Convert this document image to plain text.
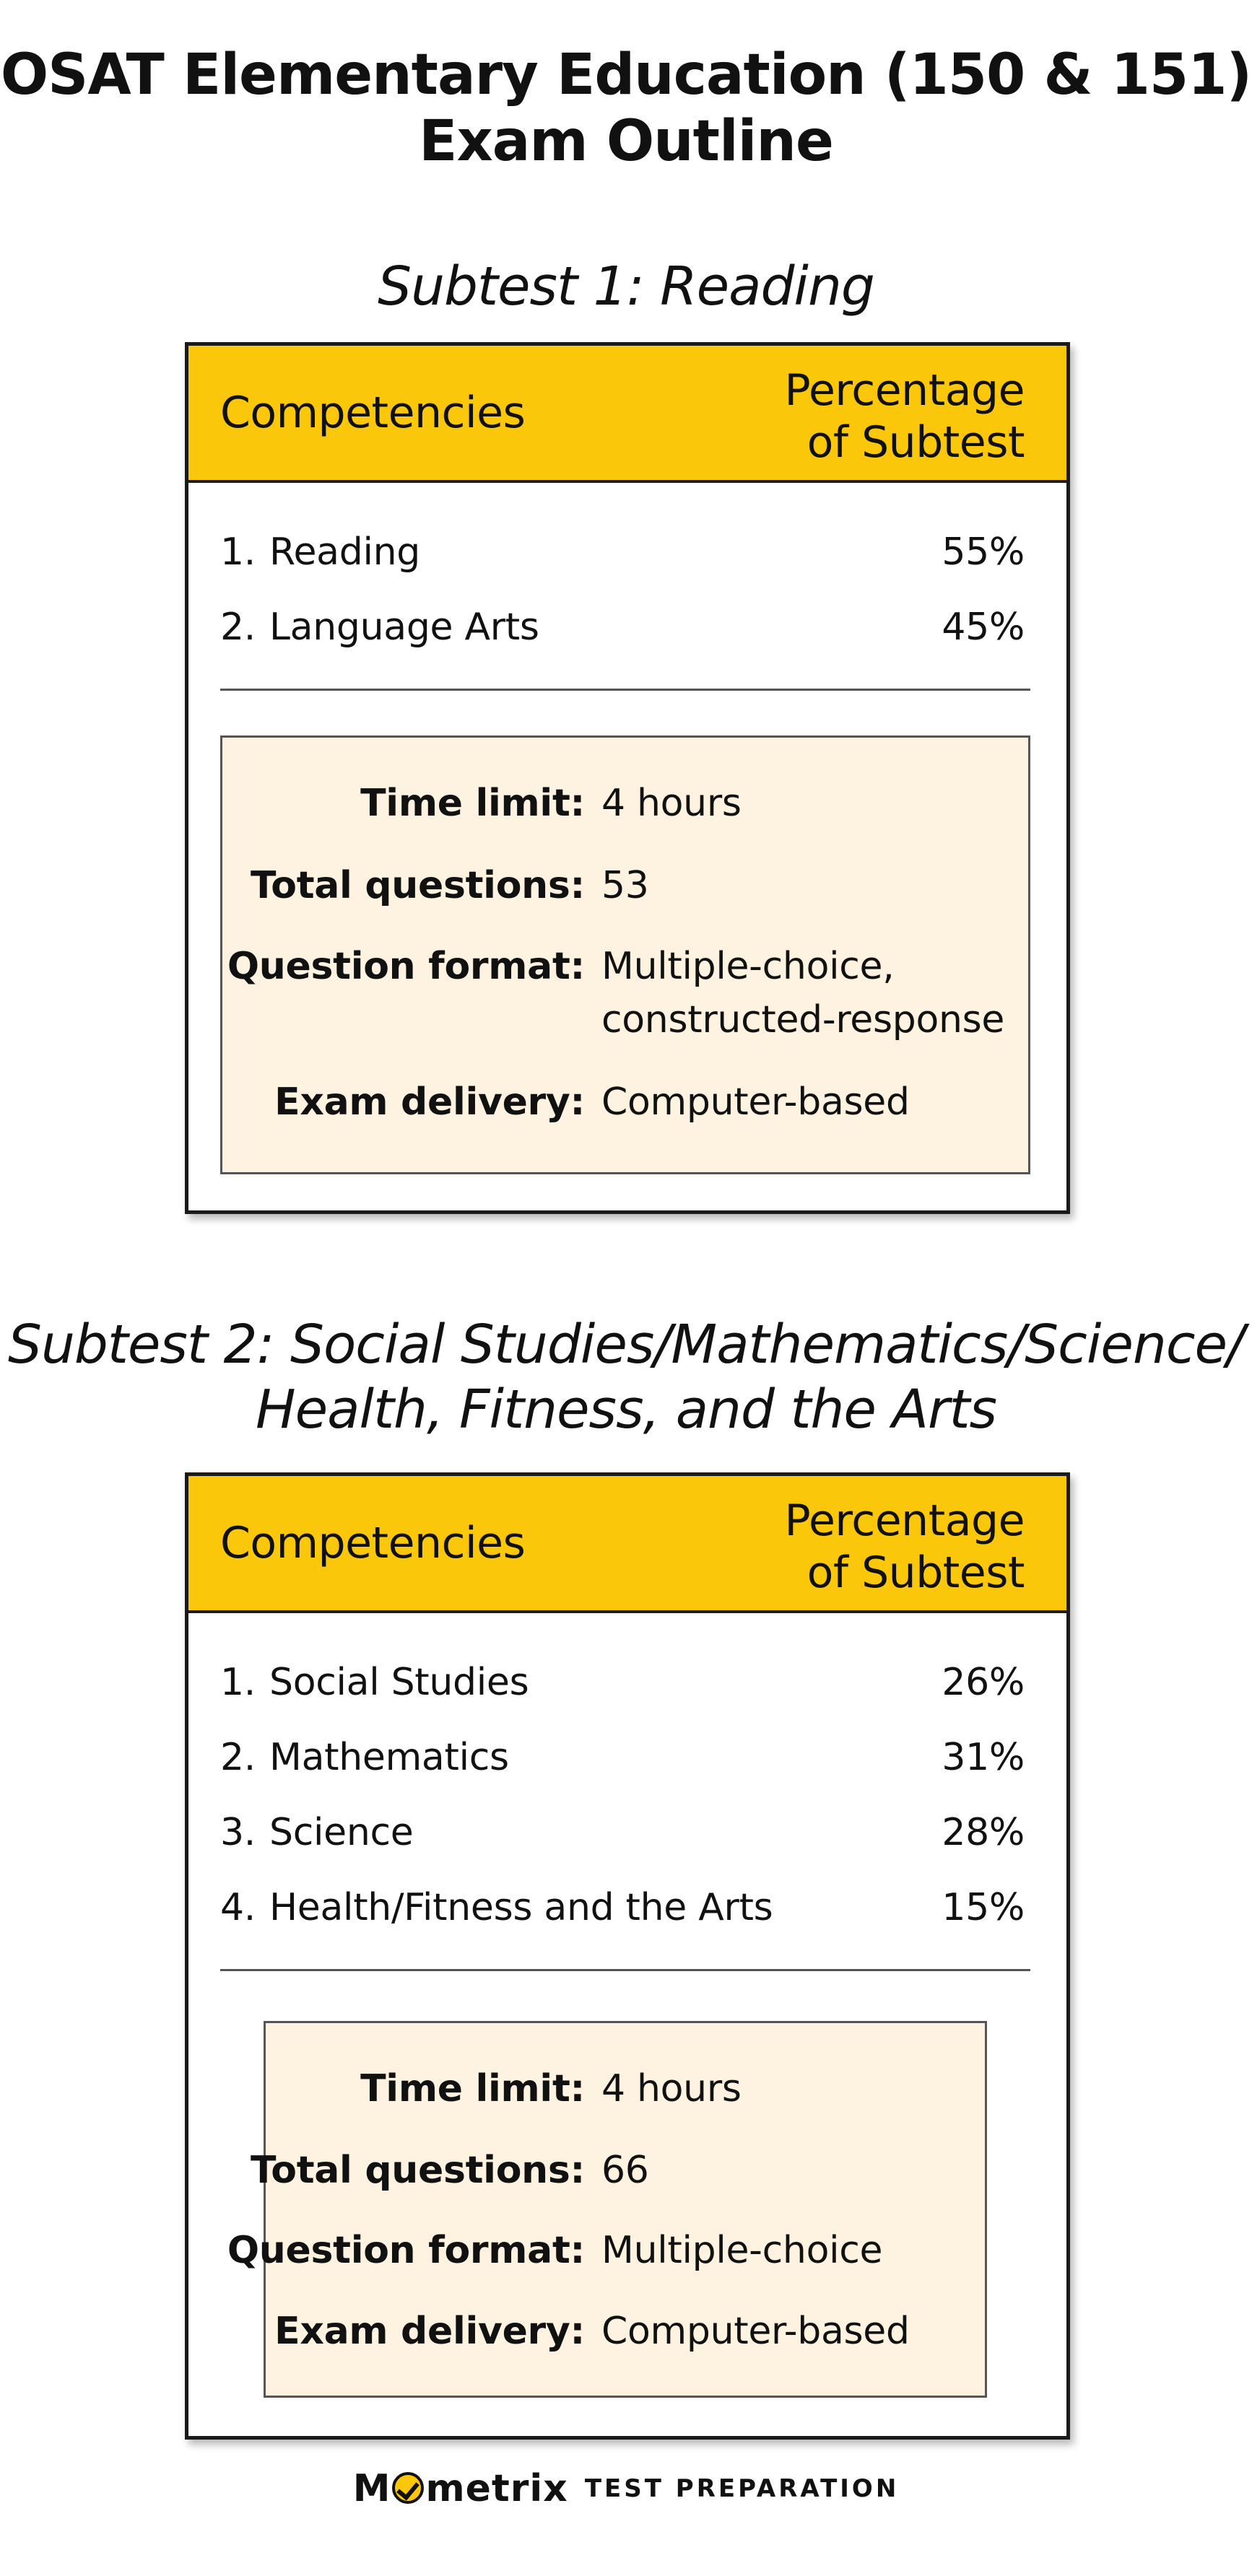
OSAT Elementary Education (150 & 151)
Exam Outline
Subtest 1: Reading
Competencies	Percentage
of Subtest
1. Reading	55%
2. Language Arts	45%
Time limit: 4 hours
Total questions: 53
Question format: Multiple-choice,
constructed-response
Exam delivery: Computer-based
Subtest 2: Social Studies/Mathematics/Science/
Health, Fitness, and the Arts
Competencies	Percentage
of Subtest
1. Social Studies	26%
2. Mathematics	31%
3. Science	28%
4. Health/Fitness and the Arts	15%
Time limit: 4 hours
Total questions: 66
Question format: Multiple-choice
Exam delivery: Computer-based
M metrix TEST PREPARATION
